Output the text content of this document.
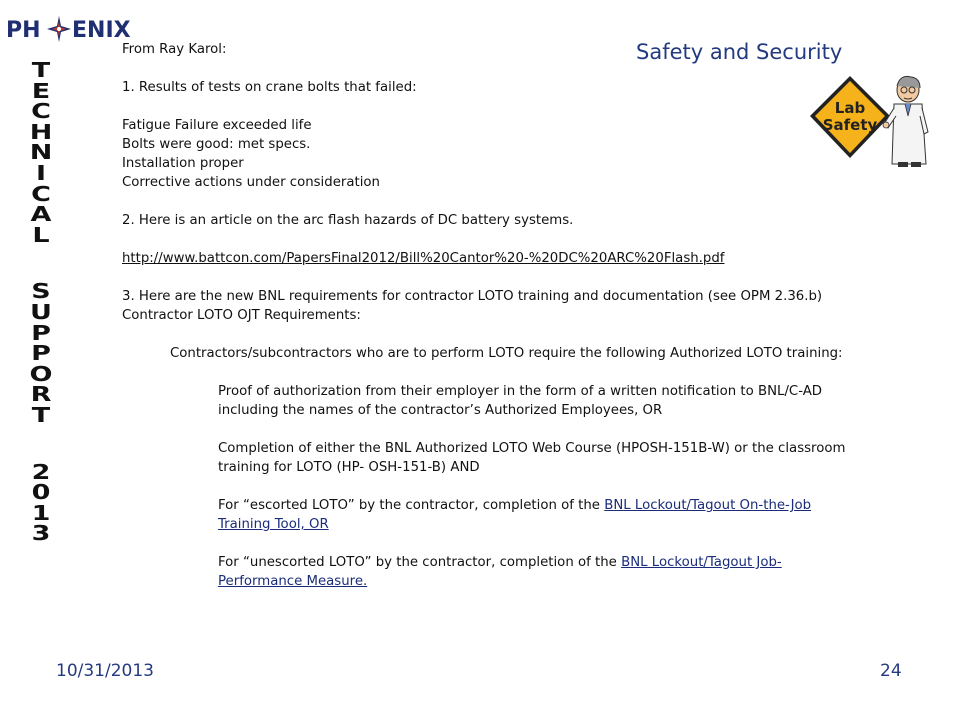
PH ENIX
T
E
C
H
N
I
C
A
L
S
U
P
P
O
R
T
2
0
1
3
Safety and Security
Lab
Safety

From Ray Karol:

1. Results of tests on crane bolts that failed:

Fatigue Failure exceeded life

Bolts were good: met specs.

Installation proper

Corrective actions under consideration

2. Here is an article on the arc flash hazards of DC battery systems.

http://www.battcon.com/PapersFinal2012/Bill%20Cantor%20-%20DC%20ARC%20Flash.pdf

3. Here are the new BNL requirements for contractor LOTO training and documentation (see OPM 2.36.b) Contractor LOTO OJT Requirements:

Contractors/subcontractors who are to perform LOTO require the following Authorized LOTO training:

Proof of authorization from their employer in the form of a written notification to BNL/C-AD including the names of the contractor’s Authorized Employees, OR

Completion of either the BNL Authorized LOTO Web Course (HPOSH-151B-W) or the classroom training for LOTO (HP- OSH-151-B) AND

For “escorted LOTO” by the contractor, completion of the BNL Lockout/Tagout On-the-Job Training Tool, OR

For “unescorted LOTO” by the contractor, completion of the BNL Lockout/Tagout Job-Performance Measure.

10/31/2013	24
